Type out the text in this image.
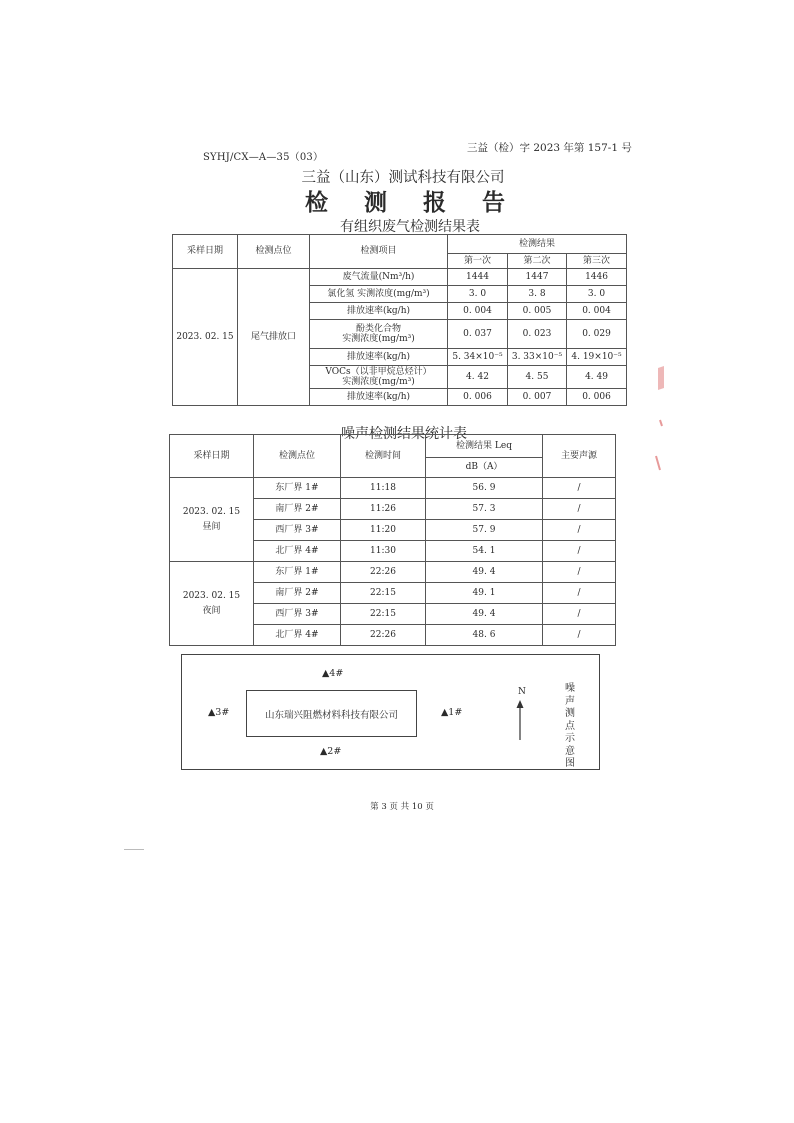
三益（检）字 2023 年第 157-1 号
SYHJ/CX—A—35（03）
三益（山东）测试科技有限公司
检 测 报 告
有组织废气检测结果表
采样日期	检测点位	检测项目	检测结果		
			第一次	第二次	第三次
2023. 02. 15	尾气排放口	废气流量(Nm³/h)	1444	1447	1446
		氯化氢 实测浓度(mg/m³)	3. 0	3. 8	3. 0
		排放速率(kg/h)	0. 004	0. 005	0. 004

		酚类化合物
实测浓度(mg/m³)	0. 037	0. 023	0. 029
		排放速率(kg/h)	5. 34×10⁻⁵	3. 33×10⁻⁵	4. 19×10⁻⁵

		VOCs（以非甲烷总烃计）
实测浓度(mg/m³)	4. 42	4. 55	4. 49
		排放速率(kg/h)	0. 006	0. 007	0. 006
噪声检测结果统计表
采样日期	检测点位	检测时间	检测结果 Leq	主要声源
			dB（A）	

2023. 02. 15
昼间	东厂界 1#	11:18	56. 9	/
	南厂界 2#	11:26	57. 3	/
	西厂界 3#	11:20	57. 9	/
	北厂界 4#	11:30	54. 1	/

2023. 02. 15
夜间	东厂界 1#	22:26	49. 4	/
	南厂界 2#	22:15	49. 1	/
	西厂界 3#	22:15	49. 4	/
	北厂界 4#	22:26	48. 6	/
山东瑞兴阻燃材料科技有限公司
▲4#
▲3#	▲1#
▲2#
N	噪声测点示意图
第 3 页 共 10 页
